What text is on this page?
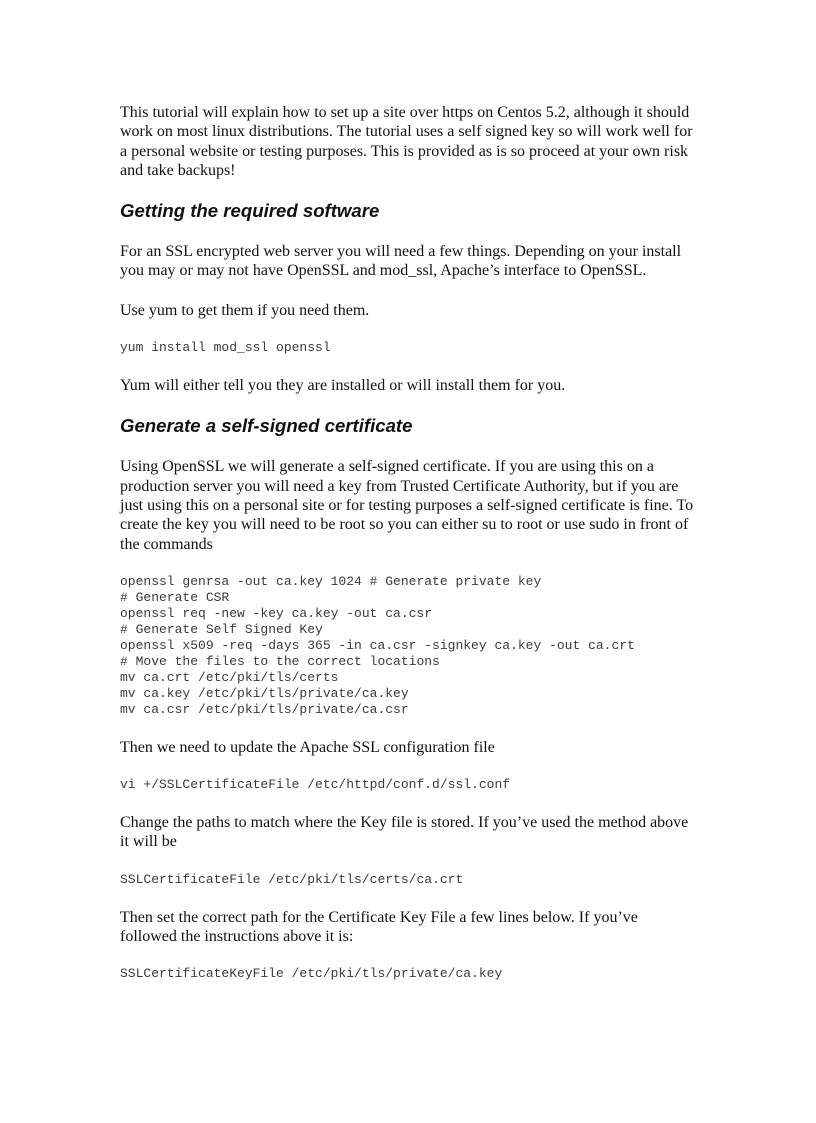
This tutorial will explain how to set up a site over https on Centos 5.2, although it should
work on most linux distributions. The tutorial uses a self signed key so will work well for
a personal website or testing purposes. This is provided as is so proceed at your own risk
and take backups!

Getting the required software

For an SSL encrypted web server you will need a few things. Depending on your install
you may or may not have OpenSSL and mod_ssl, Apache’s interface to OpenSSL.

Use yum to get them if you need them.

yum install mod_ssl openssl

Yum will either tell you they are installed or will install them for you.

Generate a self-signed certificate

Using OpenSSL we will generate a self-signed certificate. If you are using this on a
production server you will need a key from Trusted Certificate Authority, but if you are
just using this on a personal site or for testing purposes a self-signed certificate is fine. To
create the key you will need to be root so you can either su to root or use sudo in front of
the commands

openssl genrsa -out ca.key 1024 # Generate private key
# Generate CSR
openssl req -new -key ca.key -out ca.csr
# Generate Self Signed Key
openssl x509 -req -days 365 -in ca.csr -signkey ca.key -out ca.crt
# Move the files to the correct locations
mv ca.crt /etc/pki/tls/certs
mv ca.key /etc/pki/tls/private/ca.key
mv ca.csr /etc/pki/tls/private/ca.csr

Then we need to update the Apache SSL configuration file

vi +/SSLCertificateFile /etc/httpd/conf.d/ssl.conf

Change the paths to match where the Key file is stored. If you’ve used the method above
it will be

SSLCertificateFile /etc/pki/tls/certs/ca.crt

Then set the correct path for the Certificate Key File a few lines below. If you’ve
followed the instructions above it is:

SSLCertificateKeyFile /etc/pki/tls/private/ca.key
